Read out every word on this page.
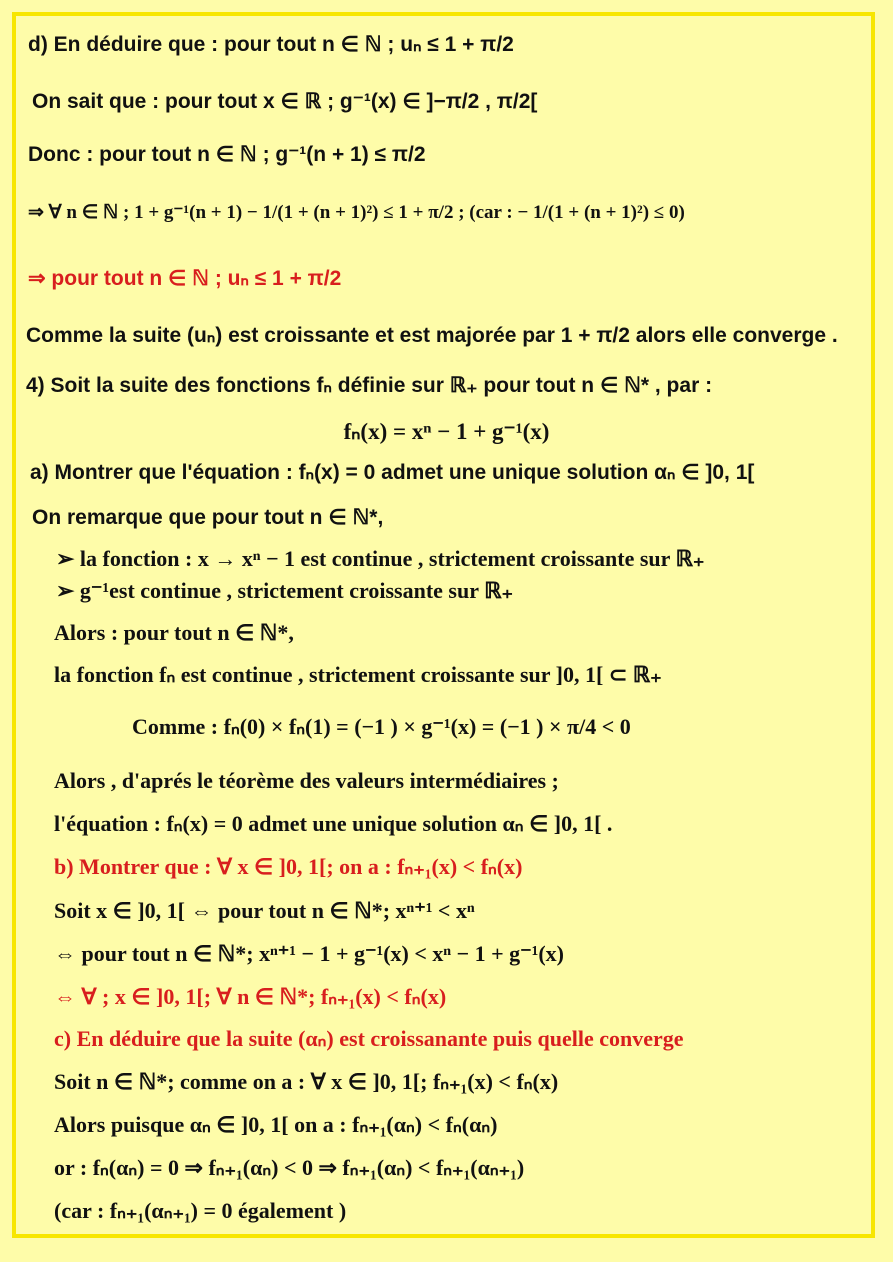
d) En déduire que : pour tout n ∈ ℕ ; uₙ ≤ 1 + π/2
On sait que : pour tout x ∈ ℝ ; g⁻¹(x) ∈ ]−π/2 , π/2[
Donc : pour tout n ∈ ℕ ; g⁻¹(n + 1) ≤ π/2
⇒ ∀ n ∈ ℕ ; 1 + g⁻¹(n + 1) − 1/(1 + (n + 1)²) ≤ 1 + π/2 ; (car : − 1/(1 + (n + 1)²) ≤ 0)
⇒ pour tout n ∈ ℕ ; uₙ ≤ 1 + π/2
Comme la suite (uₙ) est croissante et est majorée par 1 + π/2 alors elle converge .
4) Soit la suite des fonctions fₙ définie sur ℝ₊ pour tout n ∈ ℕ* , par :
fₙ(x) = xⁿ − 1 + g⁻¹(x)
a) Montrer que l'équation : fₙ(x) = 0 admet une unique solution αₙ ∈ ]0, 1[
On remarque que pour tout n ∈ ℕ*,
➢ la fonction : x → xⁿ − 1 est continue , strictement croissante sur ℝ₊
➢ g⁻¹est continue , strictement croissante sur ℝ₊
Alors : pour tout n ∈ ℕ*,
la fonction fₙ est continue , strictement croissante sur ]0, 1[ ⊂ ℝ₊
Comme : fₙ(0) × fₙ(1) = (−1 ) × g⁻¹(x) = (−1 ) × π/4 < 0
Alors , d'aprés le téorème des valeurs intermédiaires ;
l'équation : fₙ(x) = 0 admet une unique solution αₙ ∈ ]0, 1[ .
b) Montrer que : ∀ x ∈ ]0, 1[; on a : fₙ₊₁(x) < fₙ(x)
Soit x ∈ ]0, 1[ ⇔ pour tout n ∈ ℕ*; xⁿ⁺¹ < xⁿ
⇔ pour tout n ∈ ℕ*; xⁿ⁺¹ − 1 + g⁻¹(x) < xⁿ − 1 + g⁻¹(x)
⇔ ∀ ; x ∈ ]0, 1[; ∀ n ∈ ℕ*; fₙ₊₁(x) < fₙ(x)
c) En déduire que la suite (αₙ) est croissanante puis quelle converge
Soit n ∈ ℕ*; comme on a : ∀ x ∈ ]0, 1[; fₙ₊₁(x) < fₙ(x)
Alors puisque αₙ ∈ ]0, 1[ on a : fₙ₊₁(αₙ) < fₙ(αₙ)
or : fₙ(αₙ) = 0 ⇒ fₙ₊₁(αₙ) < 0 ⇒ fₙ₊₁(αₙ) < fₙ₊₁(αₙ₊₁)
(car : fₙ₊₁(αₙ₊₁) = 0 également )
